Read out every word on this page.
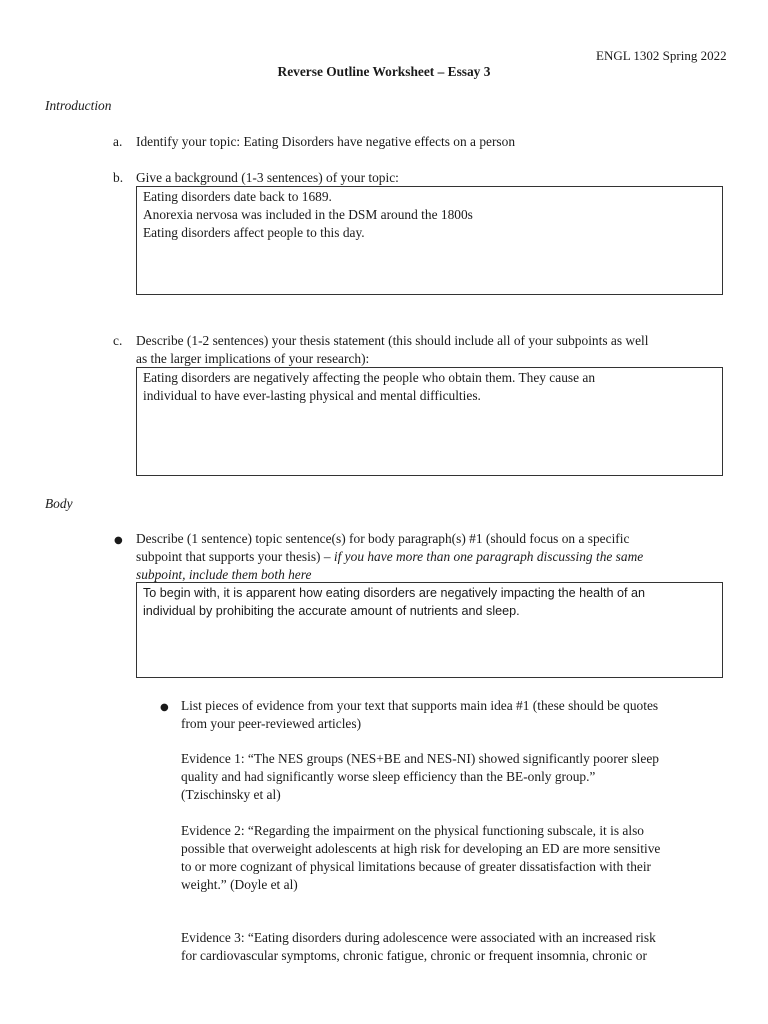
ENGL 1302 Spring 2022
Reverse Outline Worksheet – Essay 3
Introduction
a.	Identify your topic: Eating Disorders have negative effects on a person
b. Give a background (1-3 sentences) of your topic:
Eating disorders date back to 1689.
Anorexia nervosa was included in the DSM around the 1800s
Eating disorders affect people to this day.
c.	Describe (1-2 sentences) your thesis statement (this should include all of your subpoints as well
as the larger implications of your research):
Eating disorders are negatively affecting the people who obtain them. They cause an
individual to have ever-lasting physical and mental difficulties.
Body
● Describe (1 sentence) topic sentence(s) for body paragraph(s) #1 (should focus on a specific
subpoint that supports your thesis) – if you have more than one paragraph discussing the same
subpoint, include them both here
To begin with, it is apparent how eating disorders are negatively impacting the health of an
individual by prohibiting the accurate amount of nutrients and sleep.
● List pieces of evidence from your text that supports main idea #1 (these should be quotes
from your peer-reviewed articles)
Evidence 1: “The NES groups (NES+BE and NES-NI) showed significantly poorer sleep
quality and had significantly worse sleep efficiency than the BE-only group.”
(Tzischinsky et al)
Evidence 2: “Regarding the impairment on the physical functioning subscale, it is also
possible that overweight adolescents at high risk for developing an ED are more sensitive
to or more cognizant of physical limitations because of greater dissatisfaction with their
weight.” (Doyle et al)
Evidence 3: “Eating disorders during adolescence were associated with an increased risk
for cardiovascular symptoms, chronic fatigue, chronic or frequent insomnia, chronic or
